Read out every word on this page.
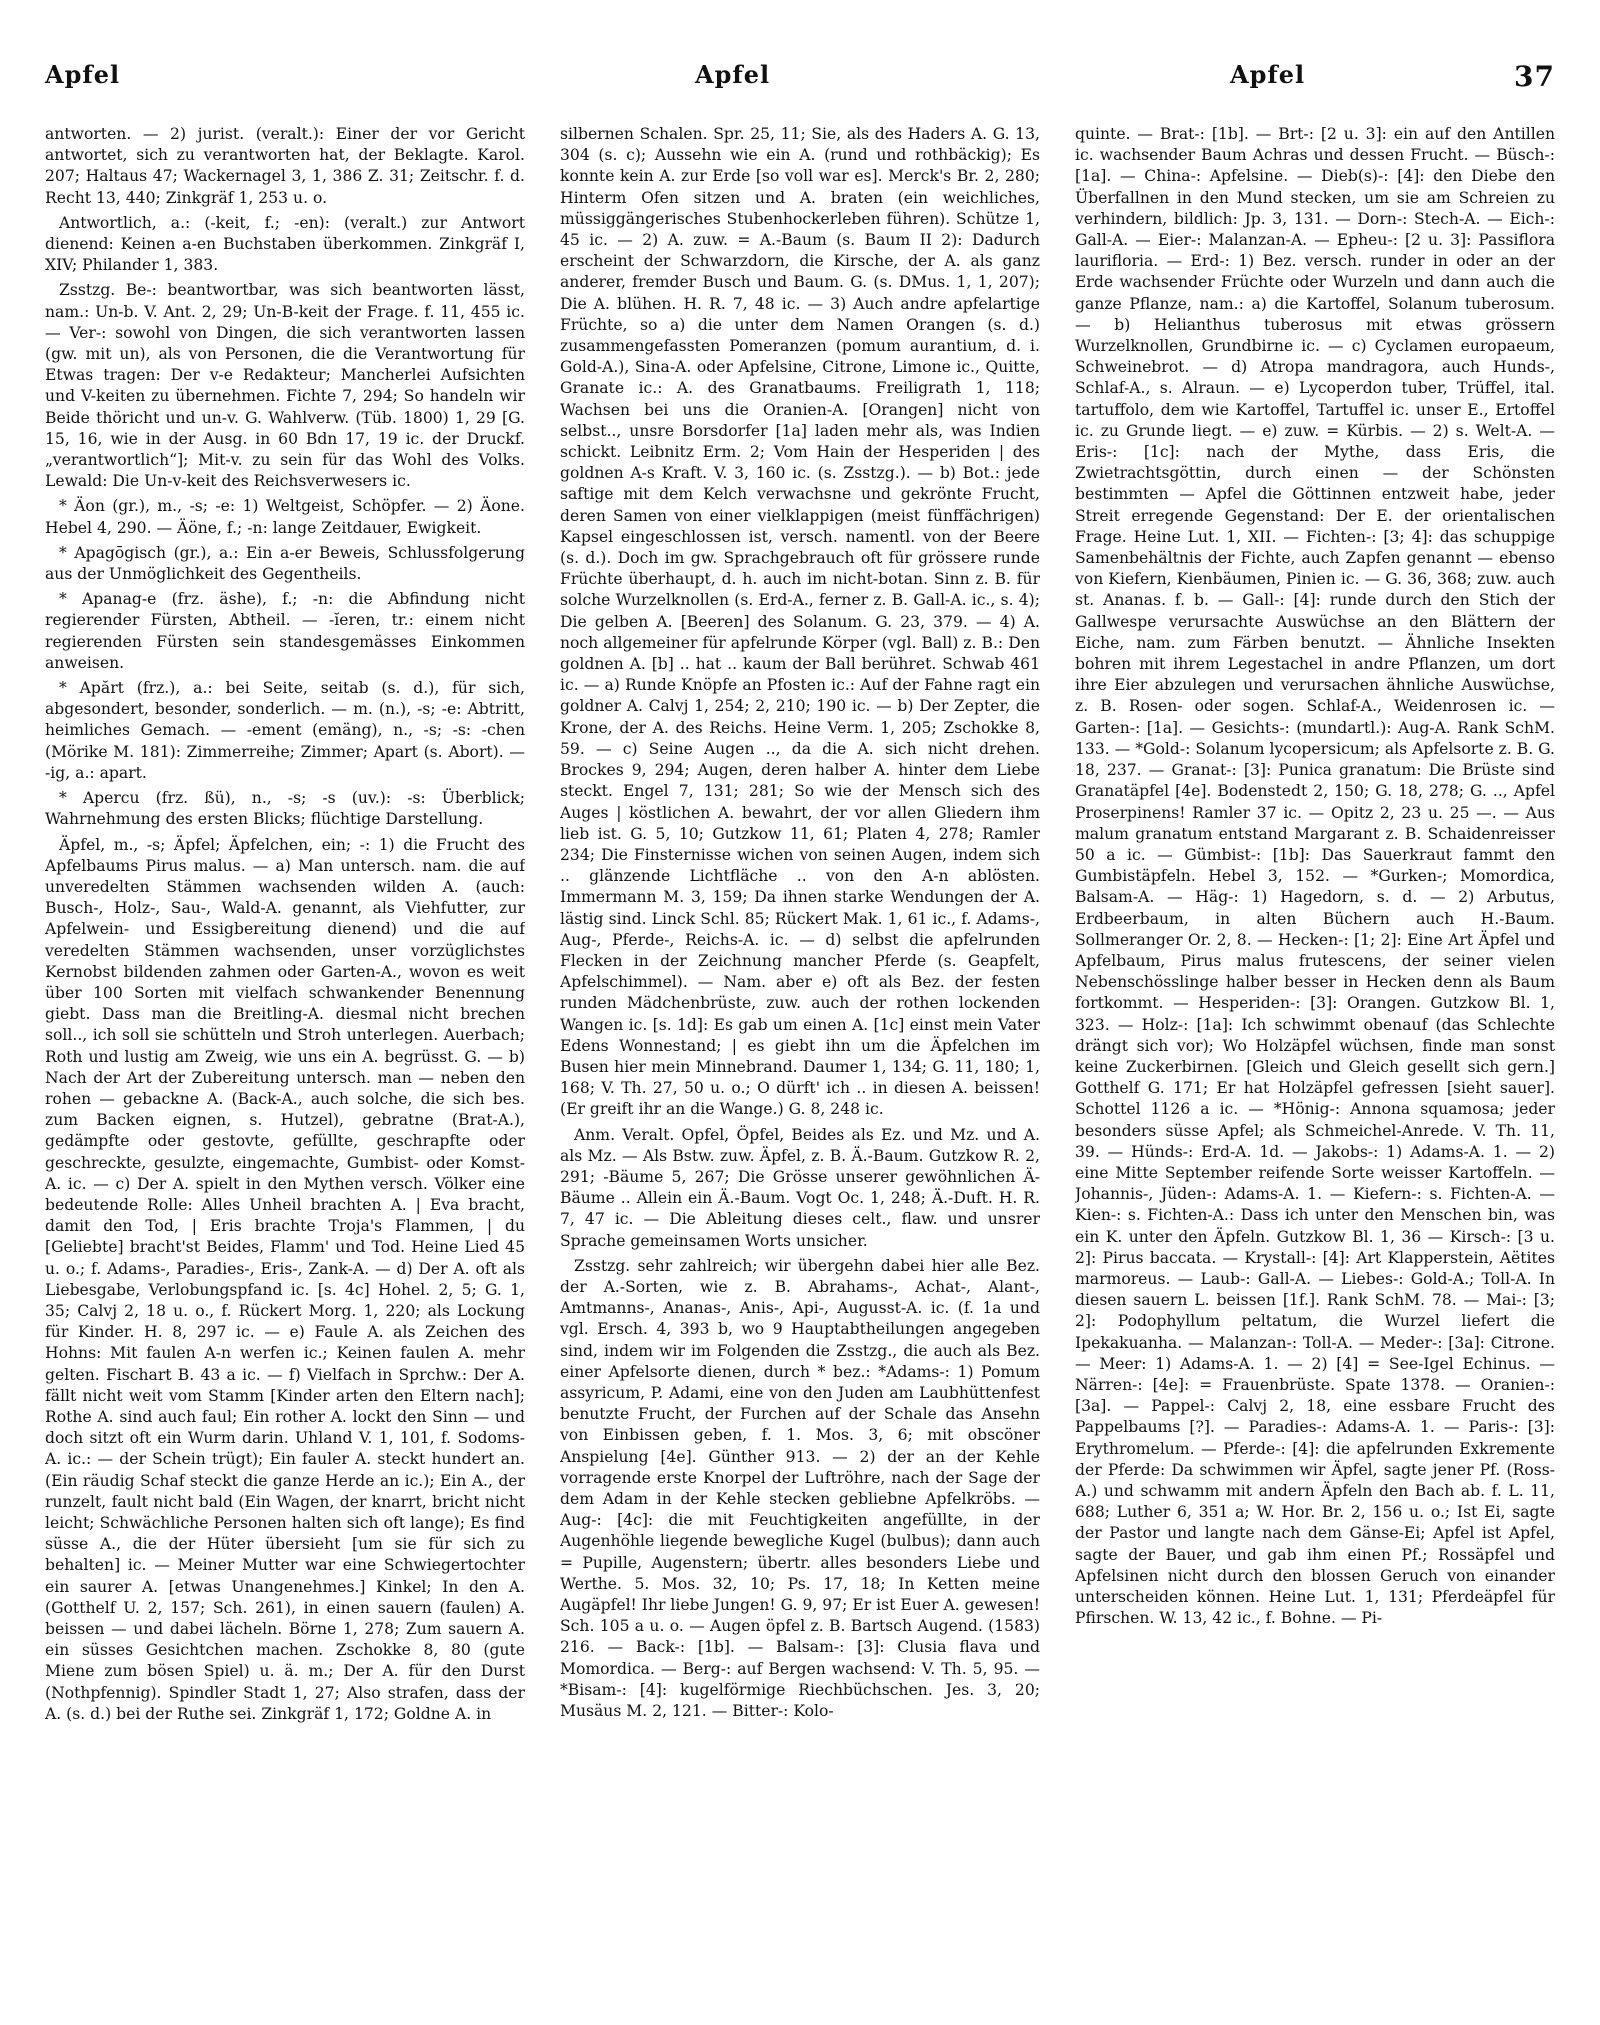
Apfel	Apfel	Apfel	37

antworten. — 2) jurist. (veralt.): Einer der vor Gericht antwortet, sich zu verantworten hat, der Beklagte. Karol. 207; Haltaus 47; Wackernagel 3, 1, 386 Z. 31; Zeitschr. f. d. Recht 13, 440; Zinkgräf 1, 253 u. o.

Antwortlich, a.: (-keit, f.; -en): (veralt.) zur Antwort dienend: Keinen a-en Buchstaben überkommen. Zinkgräf I, XIV; Philander 1, 383.

Zsstzg. Be-: beantwortbar, was sich beantworten lässt, nam.: Un-b. V. Ant. 2, 29; Un-B-keit der Frage. f. 11, 455 ic. — Ver-: sowohl von Dingen, die sich verantworten lassen (gw. mit un), als von Personen, die die Verantwortung für Etwas tragen: Der v-e Redakteur; Mancherlei Aufsichten und V-keiten zu übernehmen. Fichte 7, 294; So handeln wir Beide thöricht und un-v. G. Wahlverw. (Tüb. 1800) 1, 29 [G. 15, 16, wie in der Ausg. in 60 Bdn 17, 19 ic. der Druckf. „verantwortlich“]; Mit-v. zu sein für das Wohl des Volks. Lewald: Die Un-v-keit des Reichsverwesers ic.

* Äon (gr.), m., -s; -e: 1) Weltgeist, Schöpfer. — 2) Äone. Hebel 4, 290. — Äöne, f.; -n: lange Zeitdauer, Ewigkeit.

* Apagōgisch (gr.), a.: Ein a-er Beweis, Schlussfolgerung aus der Unmöglichkeit des Gegentheils.

* Apanag-e (frz. äshe), f.; -n: die Abfindung nicht regierender Fürsten, Abtheil. — -ĭeren, tr.: einem nicht regierenden Fürsten sein standesgemässes Einkommen anweisen.

* Apărt (frz.), a.: bei Seite, seitab (s. d.), für sich, abgesondert, besonder, sonderlich. — m. (n.), -s; -e: Abtritt, heimliches Gemach. — -ement (emäng), n., -s; -s: -chen (Mörike M. 181): Zimmerreihe; Zimmer; Apart (s. Abort). — -ig, a.: apart.

* Apercu (frz. ßü), n., -s; -s (uv.): -s: Überblick; Wahrnehmung des ersten Blicks; flüchtige Darstellung.

Äpfel, m., -s; Äpfel; Äpfelchen, ein; -: 1) die Frucht des Apfelbaums Pirus malus. — a) Man untersch. nam. die auf unveredelten Stämmen wachsenden wilden A. (auch: Busch-, Holz-, Sau-, Wald-A. genannt, als Viehfutter, zur Apfelwein- und Essigbereitung dienend) und die auf veredelten Stämmen wachsenden, unser vorzüglichstes Kernobst bildenden zahmen oder Garten-A., wovon es weit über 100 Sorten mit vielfach schwankender Benennung giebt. Dass man die Breitling-A. diesmal nicht brechen soll.., ich soll sie schütteln und Stroh unterlegen. Auerbach; Roth und lustig am Zweig, wie uns ein A. begrüsst. G. — b) Nach der Art der Zubereitung untersch. man — neben den rohen — gebackne A. (Back-A., auch solche, die sich bes. zum Backen eignen, s. Hutzel), gebratne (Brat-A.), gedämpfte oder gestovte, gefüllte, geschrapfte oder geschreckte, gesulzte, eingemachte, Gumbist- oder Komst-A. ic. — c) Der A. spielt in den Mythen versch. Völker eine bedeutende Rolle: Alles Unheil brachten A. | Eva bracht, damit den Tod, | Eris brachte Troja's Flammen, | du [Geliebte] bracht'st Beides, Flamm' und Tod. Heine Lied 45 u. o.; f. Adams-, Paradies-, Eris-, Zank-A. — d) Der A. oft als Liebesgabe, Verlobungspfand ic. [s. 4c] Hohel. 2, 5; G. 1, 35; Calvj 2, 18 u. o., f. Rückert Morg. 1, 220; als Lockung für Kinder. H. 8, 297 ic. — e) Faule A. als Zeichen des Hohns: Mit faulen A-n werfen ic.; Keinen faulen A. mehr gelten. Fischart B. 43 a ic. — f) Vielfach in Sprchw.: Der A. fällt nicht weit vom Stamm [Kinder arten den Eltern nach]; Rothe A. sind auch faul; Ein rother A. lockt den Sinn — und doch sitzt oft ein Wurm darin. Uhland V. 1, 101, f. Sodoms-A. ic.: — der Schein trügt); Ein fauler A. steckt hundert an. (Ein räudig Schaf steckt die ganze Herde an ic.); Ein A., der runzelt, fault nicht bald (Ein Wagen, der knarrt, bricht nicht leicht; Schwächliche Personen halten sich oft lange); Es find süsse A., die der Hüter übersieht [um sie für sich zu behalten] ic. — Meiner Mutter war eine Schwiegertochter ein saurer A. [etwas Unangenehmes.] Kinkel; In den A. (Gotthelf U. 2, 157; Sch. 261), in einen sauern (faulen) A. beissen — und dabei lächeln. Börne 1, 278; Zum sauern A. ein süsses Gesichtchen machen. Zschokke 8, 80 (gute Miene zum bösen Spiel) u. ä. m.; Der A. für den Durst (Nothpfennig). Spindler Stadt 1, 27; Also strafen, dass der A. (s. d.) bei der Ruthe sei. Zinkgräf 1, 172; Goldne A. in

silbernen Schalen. Spr. 25, 11; Sie, als des Haders A. G. 13, 304 (s. c); Aussehn wie ein A. (rund und rothbäckig); Es konnte kein A. zur Erde [so voll war es]. Merck's Br. 2, 280; Hinterm Ofen sitzen und A. braten (ein weichliches, müssiggängerisches Stubenhockerleben führen). Schütze 1, 45 ic. — 2) A. zuw. = A.-Baum (s. Baum II 2): Dadurch erscheint der Schwarzdorn, die Kirsche, der A. als ganz anderer, fremder Busch und Baum. G. (s. DMus. 1, 1, 207); Die A. blühen. H. R. 7, 48 ic. — 3) Auch andre apfelartige Früchte, so a) die unter dem Namen Orangen (s. d.) zusammengefassten Pomeranzen (pomum aurantium, d. i. Gold-A.), Sina-A. oder Apfelsine, Citrone, Limone ic., Quitte, Granate ic.: A. des Granatbaums. Freiligrath 1, 118; Wachsen bei uns die Oranien-A. [Orangen] nicht von selbst.., unsre Borsdorfer [1a] laden mehr als, was Indien schickt. Leibnitz Erm. 2; Vom Hain der Hesperiden | des goldnen A-s Kraft. V. 3, 160 ic. (s. Zsstzg.). — b) Bot.: jede saftige mit dem Kelch verwachsne und gekrönte Frucht, deren Samen von einer vielklappigen (meist fünffächrigen) Kapsel eingeschlossen ist, versch. namentl. von der Beere (s. d.). Doch im gw. Sprachgebrauch oft für grössere runde Früchte überhaupt, d. h. auch im nicht-botan. Sinn z. B. für solche Wurzelknollen (s. Erd-A., ferner z. B. Gall-A. ic., s. 4); Die gelben A. [Beeren] des Solanum. G. 23, 379. — 4) A. noch allgemeiner für apfelrunde Körper (vgl. Ball) z. B.: Den goldnen A. [b] .. hat .. kaum der Ball berühret. Schwab 461 ic. — a) Runde Knöpfe an Pfosten ic.: Auf der Fahne ragt ein goldner A. Calvj 1, 254; 2, 210; 190 ic. — b) Der Zepter, die Krone, der A. des Reichs. Heine Verm. 1, 205; Zschokke 8, 59. — c) Seine Augen .., da die A. sich nicht drehen. Brockes 9, 294; Augen, deren halber A. hinter dem Liebe steckt. Engel 7, 131; 281; So wie der Mensch sich des Auges | köstlichen A. bewahrt, der vor allen Gliedern ihm lieb ist. G. 5, 10; Gutzkow 11, 61; Platen 4, 278; Ramler 234; Die Finsternisse wichen von seinen Augen, indem sich .. glänzende Lichtfläche .. von den A-n ablösten. Immermann M. 3, 159; Da ihnen starke Wendungen der A. lästig sind. Linck Schl. 85; Rückert Mak. 1, 61 ic., f. Adams-, Aug-, Pferde-, Reichs-A. ic. — d) selbst die apfelrunden Flecken in der Zeichnung mancher Pferde (s. Geapfelt, Apfelschimmel). — Nam. aber e) oft als Bez. der festen runden Mädchenbrüste, zuw. auch der rothen lockenden Wangen ic. [s. 1d]: Es gab um einen A. [1c] einst mein Vater Edens Wonnestand; | es giebt ihn um die Äpfelchen im Busen hier mein Minnebrand. Daumer 1, 134; G. 11, 180; 1, 168; V. Th. 27, 50 u. o.; O dürft' ich .. in diesen A. beissen! (Er greift ihr an die Wange.) G. 8, 248 ic.

Anm. Veralt. Opfel, Öpfel, Beides als Ez. und Mz. und A. als Mz. — Als Bstw. zuw. Äpfel, z. B. Ä.-Baum. Gutzkow R. 2, 291; -Bäume 5, 267; Die Grösse unserer gewöhnlichen Ä-Bäume .. Allein ein Ä.-Baum. Vogt Oc. 1, 248; Ä.-Duft. H. R. 7, 47 ic. — Die Ableitung dieses celt., flaw. und unsrer Sprache gemeinsamen Worts unsicher.

Zsstzg. sehr zahlreich; wir übergehn dabei hier alle Bez. der A.-Sorten, wie z. B. Abrahams-, Achat-, Alant-, Amtmanns-, Ananas-, Anis-, Api-, Augusst-A. ic. (f. 1a und vgl. Ersch. 4, 393 b, wo 9 Hauptabtheilungen angegeben sind, indem wir im Folgenden die Zsstzg., die auch als Bez. einer Apfelsorte dienen, durch * bez.: *Adams-: 1) Pomum assyricum, P. Adami, eine von den Juden am Laubhüttenfest benutzte Frucht, der Furchen auf der Schale das Ansehn von Einbissen geben, f. 1. Mos. 3, 6; mit obscöner Anspielung [4e]. Günther 913. — 2) der an der Kehle vorragende erste Knorpel der Luftröhre, nach der Sage der dem Adam in der Kehle stecken gebliebne Apfelkröbs. — Aug-: [4c]: die mit Feuchtigkeiten angefüllte, in der Augenhöhle liegende bewegliche Kugel (bulbus); dann auch = Pupille, Augenstern; übertr. alles besonders Liebe und Werthe. 5. Mos. 32, 10; Ps. 17, 18; In Ketten meine Augäpfel! Ihr liebe Jungen! G. 9, 97; Er ist Euer A. gewesen! Sch. 105 a u. o. — Augen öpfel z. B. Bartsch Augend. (1583) 216. — Back-: [1b]. — Balsam-: [3]: Clusia flava und Momordica. — Berg-: auf Bergen wachsend: V. Th. 5, 95. — *Bisam-: [4]: kugelförmige Riechbüchschen. Jes. 3, 20; Musäus M. 2, 121. — Bitter-: Kolo-

quinte. — Brat-: [1b]. — Brt-: [2 u. 3]: ein auf den Antillen ic. wachsender Baum Achras und dessen Frucht. — Büsch-: [1a]. — China-: Apfelsine. — Dieb(s)-: [4]: den Diebe den Überfallnen in den Mund stecken, um sie am Schreien zu verhindern, bildlich: Jp. 3, 131. — Dorn-: Stech-A. — Eich-: Gall-A. — Eier-: Malanzan-A. — Epheu-: [2 u. 3]: Passiflora laurifloria. — Erd-: 1) Bez. versch. runder in oder an der Erde wachsender Früchte oder Wurzeln und dann auch die ganze Pflanze, nam.: a) die Kartoffel, Solanum tuberosum. — b) Helianthus tuberosus mit etwas grössern Wurzelknollen, Grundbirne ic. — c) Cyclamen europaeum, Schweinebrot. — d) Atropa mandragora, auch Hunds-, Schlaf-A., s. Alraun. — e) Lycoperdon tuber, Trüffel, ital. tartuffolo, dem wie Kartoffel, Tartuffel ic. unser E., Ertoffel ic. zu Grunde liegt. — e) zuw. = Kürbis. — 2) s. Welt-A. — Eris-: [1c]: nach der Mythe, dass Eris, die Zwietrachtsgöttin, durch einen — der Schönsten bestimmten — Apfel die Göttinnen entzweit habe, jeder Streit erregende Gegenstand: Der E. der orientalischen Frage. Heine Lut. 1, XII. — Fichten-: [3; 4]: das schuppige Samenbehältnis der Fichte, auch Zapfen genannt — ebenso von Kiefern, Kienbäumen, Pinien ic. — G. 36, 368; zuw. auch st. Ananas. f. b. — Gall-: [4]: runde durch den Stich der Gallwespe verursachte Auswüchse an den Blättern der Eiche, nam. zum Färben benutzt. — Ähnliche Insekten bohren mit ihrem Legestachel in andre Pflanzen, um dort ihre Eier abzulegen und verursachen ähnliche Auswüchse, z. B. Rosen- oder sogen. Schlaf-A., Weidenrosen ic. — Garten-: [1a]. — Gesichts-: (mundartl.): Aug-A. Rank SchM. 133. — *Gold-: Solanum lycopersicum; als Apfelsorte z. B. G. 18, 237. — Granat-: [3]: Punica granatum: Die Brüste sind Granatäpfel [4e]. Bodenstedt 2, 150; G. 18, 278; G. .., Apfel Proserpinens! Ramler 37 ic. — Opitz 2, 23 u. 25 —. — Aus malum granatum entstand Margarant z. B. Schaidenreisser 50 a ic. — Gümbist-: [1b]: Das Sauerkraut fammt den Gumbistäpfeln. Hebel 3, 152. — *Gurken-; Momordica, Balsam-A. — Häg-: 1) Hagedorn, s. d. — 2) Arbutus, Erdbeerbaum, in alten Büchern auch H.-Baum. Sollmeranger Or. 2, 8. — Hecken-: [1; 2]: Eine Art Äpfel und Apfelbaum, Pirus malus frutescens, der seiner vielen Nebenschösslinge halber besser in Hecken denn als Baum fortkommt. — Hesperiden-: [3]: Orangen. Gutzkow Bl. 1, 323. — Holz-: [1a]: Ich schwimmt obenauf (das Schlechte drängt sich vor); Wo Holzäpfel wüchsen, finde man sonst keine Zuckerbirnen. [Gleich und Gleich gesellt sich gern.] Gotthelf G. 171; Er hat Holzäpfel gefressen [sieht sauer]. Schottel 1126 a ic. — *Hönig-: Annona squamosa; jeder besonders süsse Apfel; als Schmeichel-Anrede. V. Th. 11, 39. — Hünds-: Erd-A. 1d. — Jakobs-: 1) Adams-A. 1. — 2) eine Mitte September reifende Sorte weisser Kartoffeln. — Johannis-, Jüden-: Adams-A. 1. — Kiefern-: s. Fichten-A. — Kien-: s. Fichten-A.: Dass ich unter den Menschen bin, was ein K. unter den Äpfeln. Gutzkow Bl. 1, 36 — Kirsch-: [3 u. 2]: Pirus baccata. — Krystall-: [4]: Art Klapperstein, Aëtites marmoreus. — Laub-: Gall-A. — Liebes-: Gold-A.; Toll-A. In diesen sauern L. beissen [1f.]. Rank SchM. 78. — Mai-: [3; 2]: Podophyllum peltatum, die Wurzel liefert die Ipekakuanha. — Malanzan-: Toll-A. — Meder-: [3a]: Citrone. — Meer: 1) Adams-A. 1. — 2) [4] = See-Igel Echinus. — Närren-: [4e]: = Frauenbrüste. Spate 1378. — Oranien-: [3a]. — Pappel-: Calvj 2, 18, eine essbare Frucht des Pappelbaums [?]. — Paradies-: Adams-A. 1. — Paris-: [3]: Erythromelum. — Pferde-: [4]: die apfelrunden Exkremente der Pferde: Da schwimmen wir Äpfel, sagte jener Pf. (Ross-A.) und schwamm mit andern Äpfeln den Bach ab. f. L. 11, 688; Luther 6, 351 a; W. Hor. Br. 2, 156 u. o.; Ist Ei, sagte der Pastor und langte nach dem Gänse-Ei; Apfel ist Apfel, sagte der Bauer, und gab ihm einen Pf.; Rossäpfel und Apfelsinen nicht durch den blossen Geruch von einander unterscheiden können. Heine Lut. 1, 131; Pferdeäpfel für Pfirschen. W. 13, 42 ic., f. Bohne. — Pi-
